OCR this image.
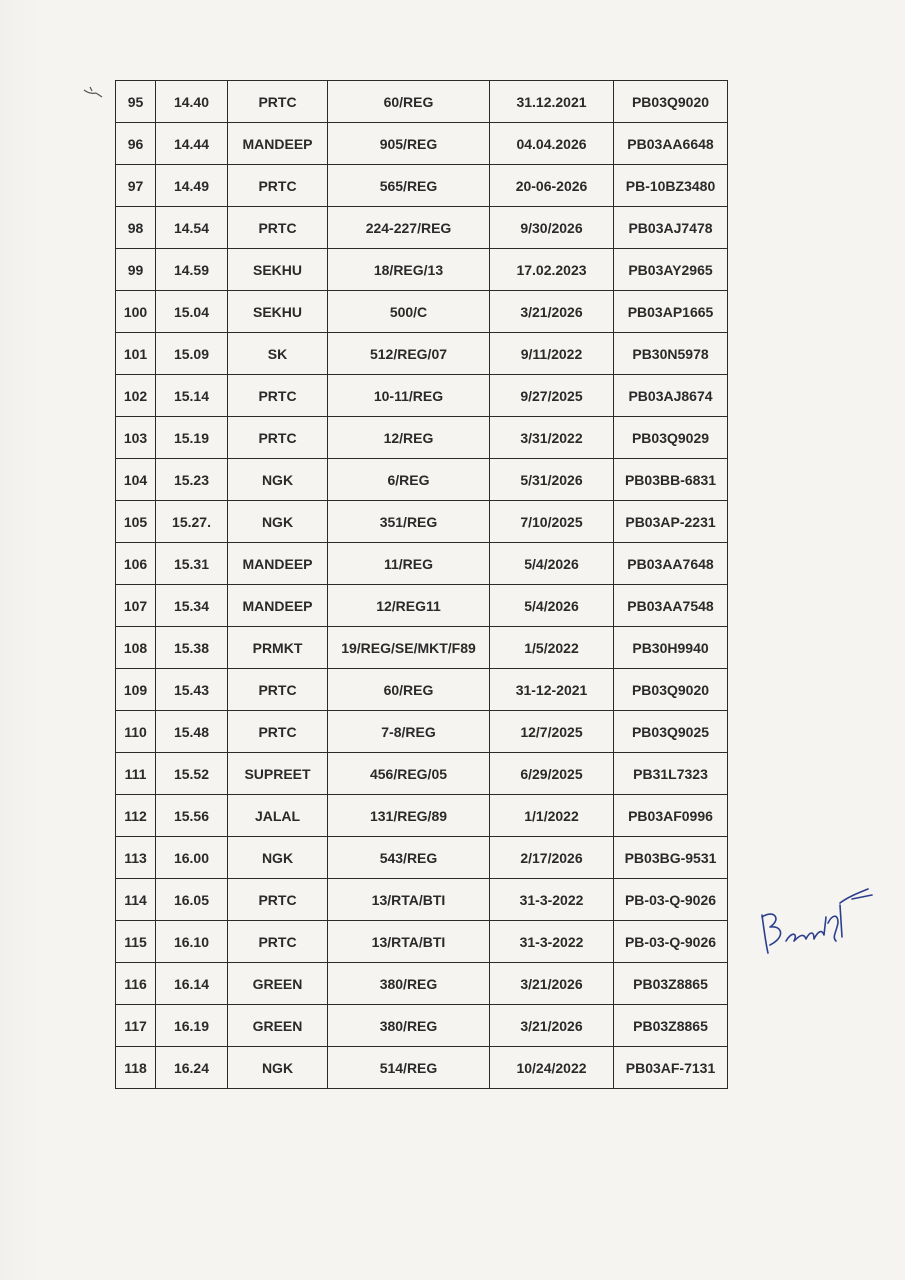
95	14.40	PRTC	60/REG	31.12.2021	PB03Q9020
96	14.44	MANDEEP	905/REG	04.04.2026	PB03AA6648
97	14.49	PRTC	565/REG	20-06-2026	PB-10BZ3480
98	14.54	PRTC	224-227/REG	9/30/2026	PB03AJ7478
99	14.59	SEKHU	18/REG/13	17.02.2023	PB03AY2965
100	15.04	SEKHU	500/C	3/21/2026	PB03AP1665
101	15.09	SK	512/REG/07	9/11/2022	PB30N5978
102	15.14	PRTC	10-11/REG	9/27/2025	PB03AJ8674
103	15.19	PRTC	12/REG	3/31/2022	PB03Q9029
104	15.23	NGK	6/REG	5/31/2026	PB03BB-6831
105	15.27.	NGK	351/REG	7/10/2025	PB03AP-2231
106	15.31	MANDEEP	11/REG	5/4/2026	PB03AA7648
107	15.34	MANDEEP	12/REG11	5/4/2026	PB03AA7548
108	15.38	PRMKT	19/REG/SE/MKT/F89	1/5/2022	PB30H9940
109	15.43	PRTC	60/REG	31-12-2021	PB03Q9020
110	15.48	PRTC	7-8/REG	12/7/2025	PB03Q9025
111	15.52	SUPREET	456/REG/05	6/29/2025	PB31L7323
112	15.56	JALAL	131/REG/89	1/1/2022	PB03AF0996
113	16.00	NGK	543/REG	2/17/2026	PB03BG-9531
114	16.05	PRTC	13/RTA/BTI	31-3-2022	PB-03-Q-9026
115	16.10	PRTC	13/RTA/BTI	31-3-2022	PB-03-Q-9026
116	16.14	GREEN	380/REG	3/21/2026	PB03Z8865
117	16.19	GREEN	380/REG	3/21/2026	PB03Z8865
118	16.24	NGK	514/REG	10/24/2022	PB03AF-7131
